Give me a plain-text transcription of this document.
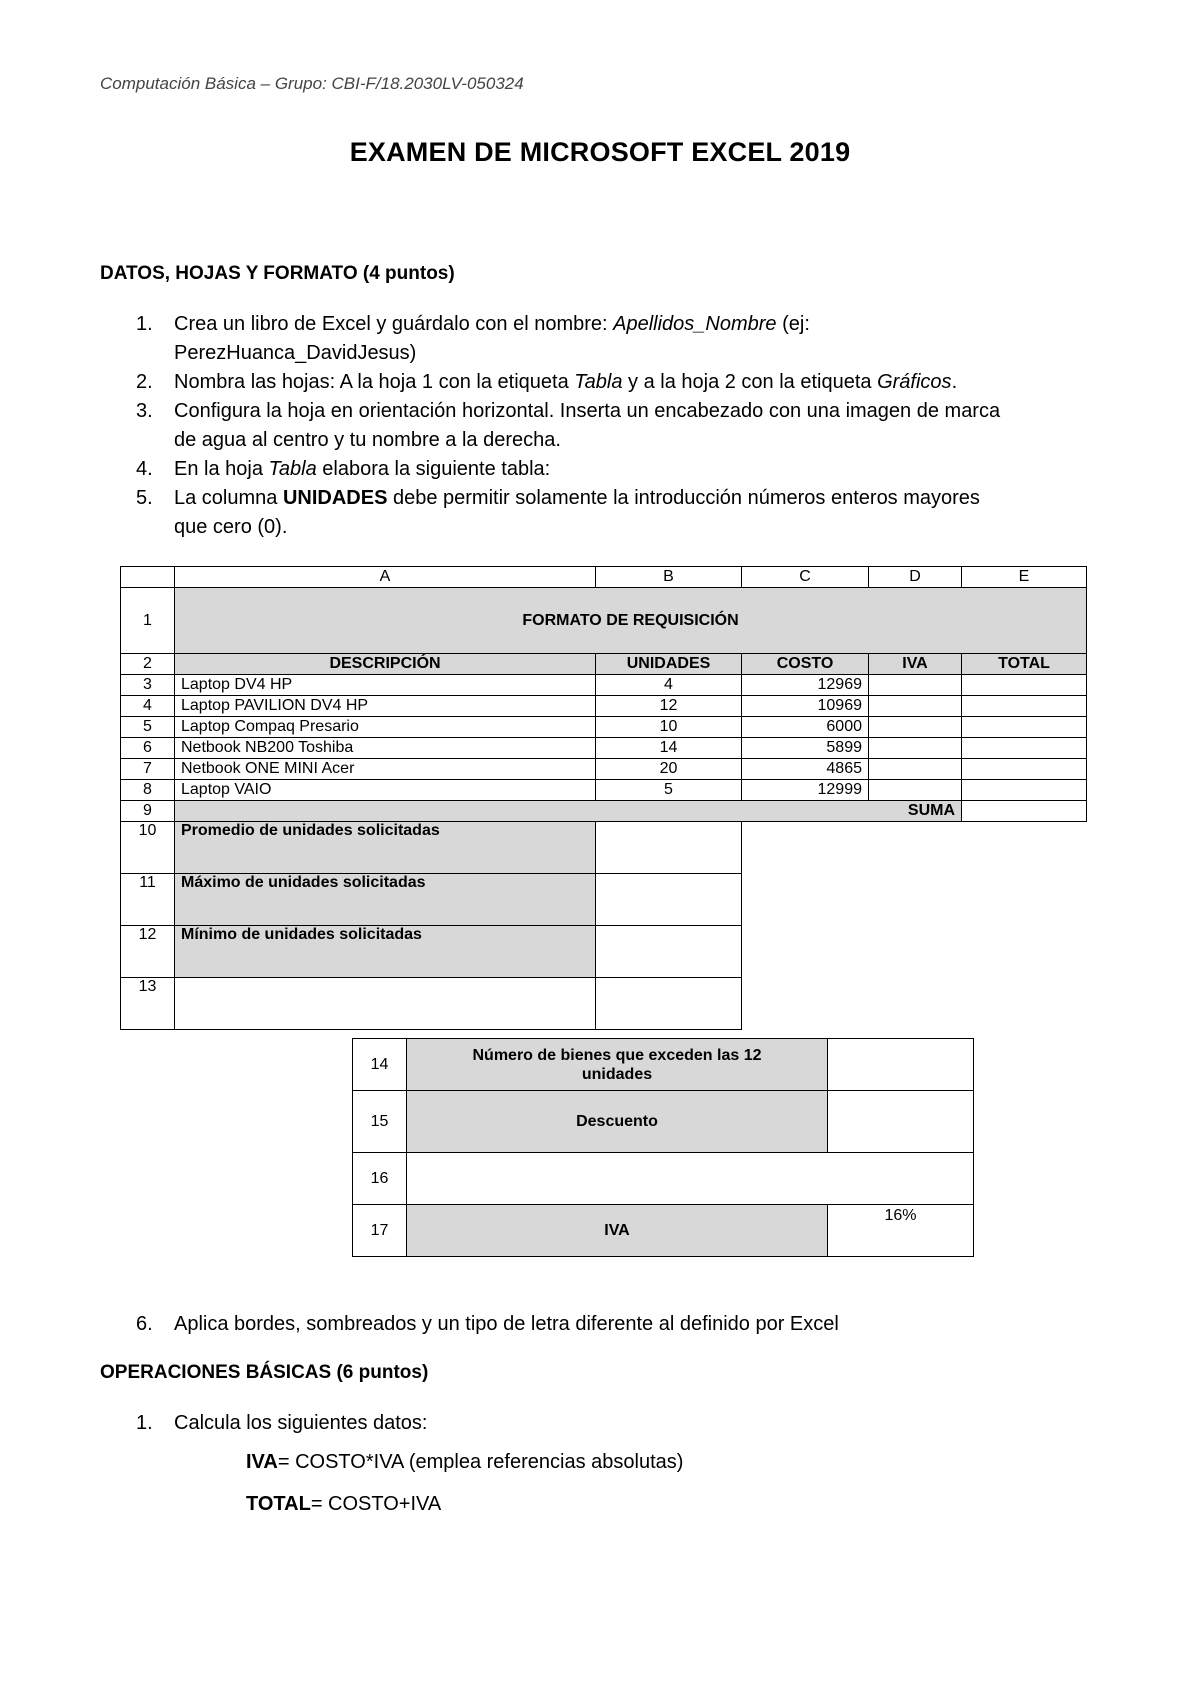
Computación Básica – Grupo: CBI-F/18.2030LV-050324
EXAMEN DE MICROSOFT EXCEL 2019
DATOS, HOJAS Y FORMATO (4 puntos)
1. Crea un libro de Excel y guárdalo con el nombre: Apellidos_Nombre (ej:
PerezHuanca_DavidJesus)
2. Nombra las hojas: A la hoja 1 con la etiqueta Tabla y a la hoja 2 con la etiqueta Gráficos.
3. Configura la hoja en orientación horizontal. Inserta un encabezado con una imagen de marca
de agua al centro y tu nombre a la derecha.
4. En la hoja Tabla elabora la siguiente tabla:
5. La columna UNIDADES debe permitir solamente la introducción números enteros mayores
que cero (0).
	A	B	C	D	E
1	FORMATO DE REQUISICIÓN				
2	DESCRIPCIÓN	UNIDADES	COSTO	IVA	TOTAL
3	Laptop DV4 HP	4	12969		
4	Laptop PAVILION DV4 HP	12	10969		
5	Laptop Compaq Presario	10	6000		
6	Netbook NB200 Toshiba	14	5899		
7	Netbook ONE MINI Acer	20	4865		
8	Laptop VAIO	5	12999		
9	SUMA				
10	Promedio de unidades solicitadas				
11	Máximo de unidades solicitadas				
12	Mínimo de unidades solicitadas				
13					
14	Número de bienes que exceden las 12
unidades	
15	Descuento	
16		
17	IVA	16%
6. Aplica bordes, sombreados y un tipo de letra diferente al definido por Excel
OPERACIONES BÁSICAS (6 puntos)
1. Calcula los siguientes datos:
IVA= COSTO*IVA (emplea referencias absolutas)
TOTAL= COSTO+IVA
